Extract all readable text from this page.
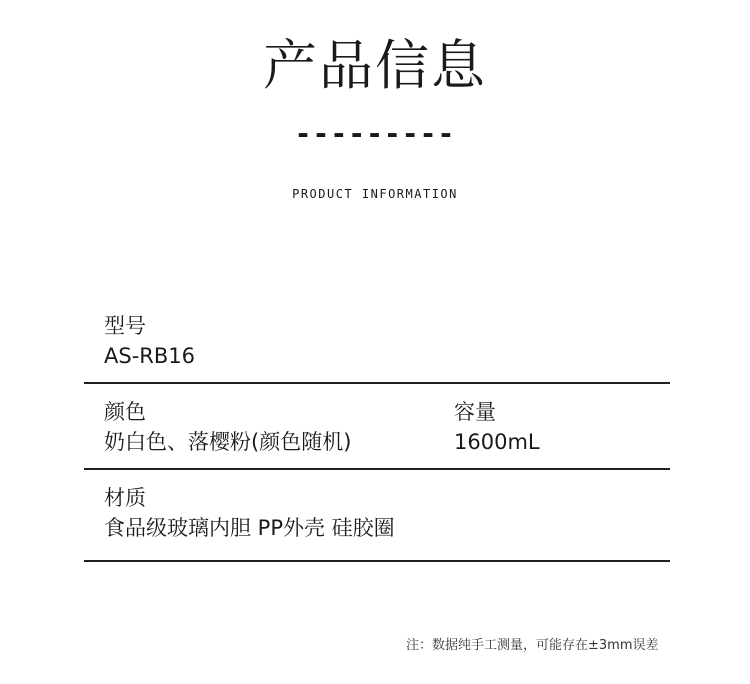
产品信息
---------
PRODUCT INFORMATION
型号
AS-RB16
颜色
奶白色、落樱粉(颜色随机)
容量
1600mL
材质
食品级玻璃内胆 PP外壳 硅胶圈
注：数据纯手工测量，可能存在±3mm误差
